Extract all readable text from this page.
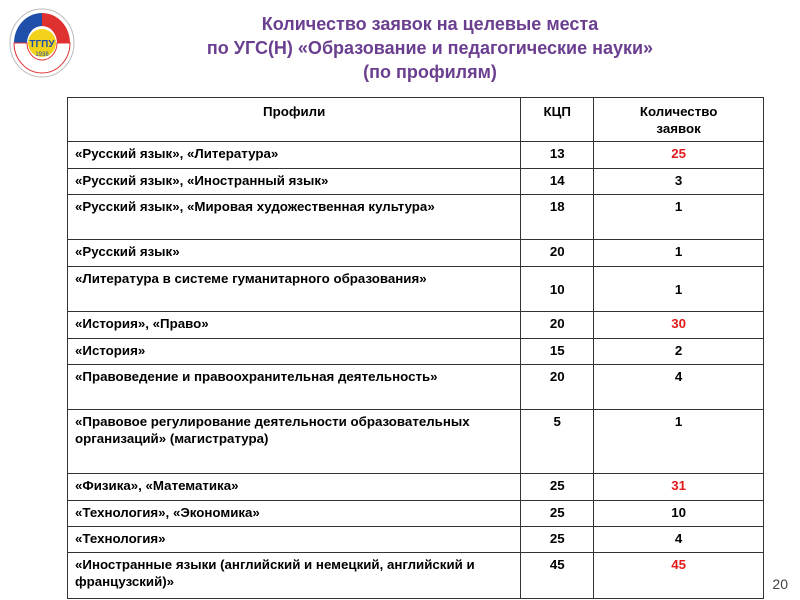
ТГПУ
1938
Количество заявок на целевые места
по УГС(Н) «Образование и педагогические науки»
(по профилям)
Профили	КЦП	Количество
заявок

«Русский язык», «Литература»	13	25
«Русский язык», «Иностранный язык»	14	3
«Русский язык», «Мировая художественная культура»	18	1
«Русский язык»	20	1
«Литература в системе гуманитарного образования»	10	1
«История», «Право»	20	30
«История»	15	2
«Правоведение и правоохранительная деятельность»	20	4
«Правовое регулирование деятельности образовательных организаций» (магистратура)	5	1
«Физика», «Математика»	25	31
«Технология», «Экономика»	25	10
«Технология»	25	4
«Иностранные языки (английский и немецкий, английский и французский)»	45	45
20
